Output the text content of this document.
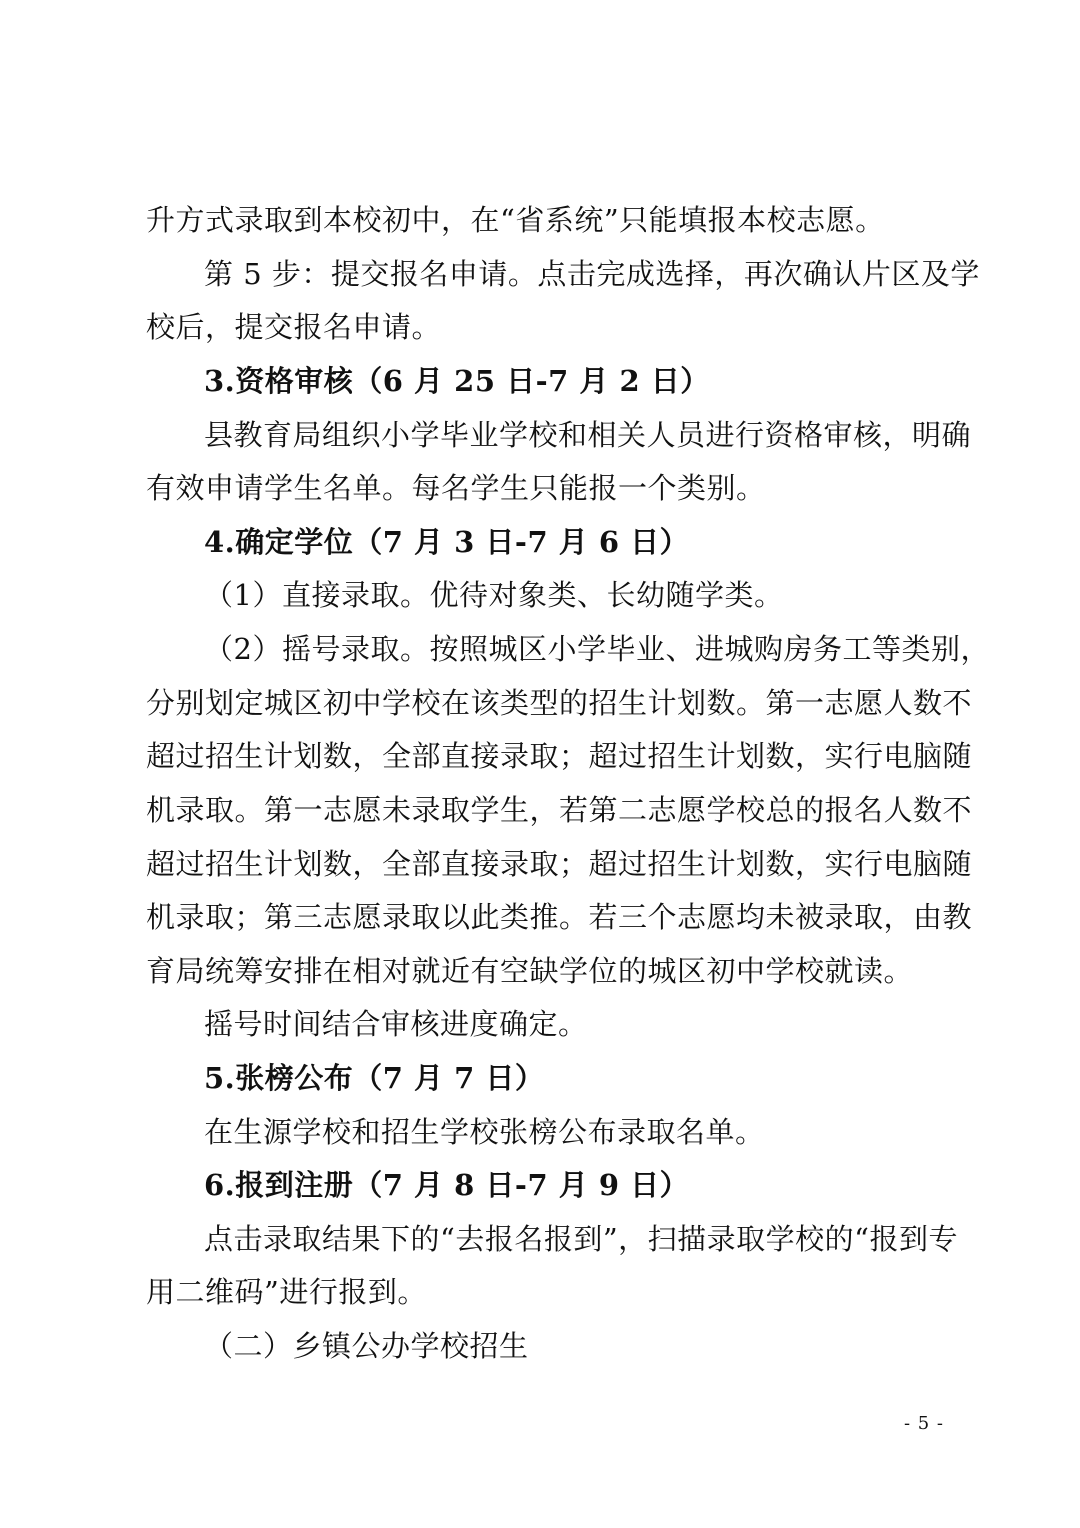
升方式录取到本校初中，在“省系统”只能填报本校志愿。
第 5 步：提交报名申请。点击完成选择，再次确认片区及学
校后，提交报名申请。
3.资格审核（6 月 25 日-7 月 2 日）
县教育局组织小学毕业学校和相关人员进行资格审核，明确
有效申请学生名单。每名学生只能报一个类别。
4.确定学位（7 月 3 日-7 月 6 日）
（1）直接录取。优待对象类、长幼随学类。
（2）摇号录取。按照城区小学毕业、进城购房务工等类别，
分别划定城区初中学校在该类型的招生计划数。第一志愿人数不
超过招生计划数，全部直接录取；超过招生计划数，实行电脑随
机录取。第一志愿未录取学生，若第二志愿学校总的报名人数不
超过招生计划数，全部直接录取；超过招生计划数，实行电脑随
机录取；第三志愿录取以此类推。若三个志愿均未被录取，由教
育局统筹安排在相对就近有空缺学位的城区初中学校就读。
摇号时间结合审核进度确定。
5.张榜公布（7 月 7 日）
在生源学校和招生学校张榜公布录取名单。
6.报到注册（7 月 8 日-7 月 9 日）
点击录取结果下的“去报名报到”，扫描录取学校的“报到专
用二维码”进行报到。
（二）乡镇公办学校招生
- 5 -
